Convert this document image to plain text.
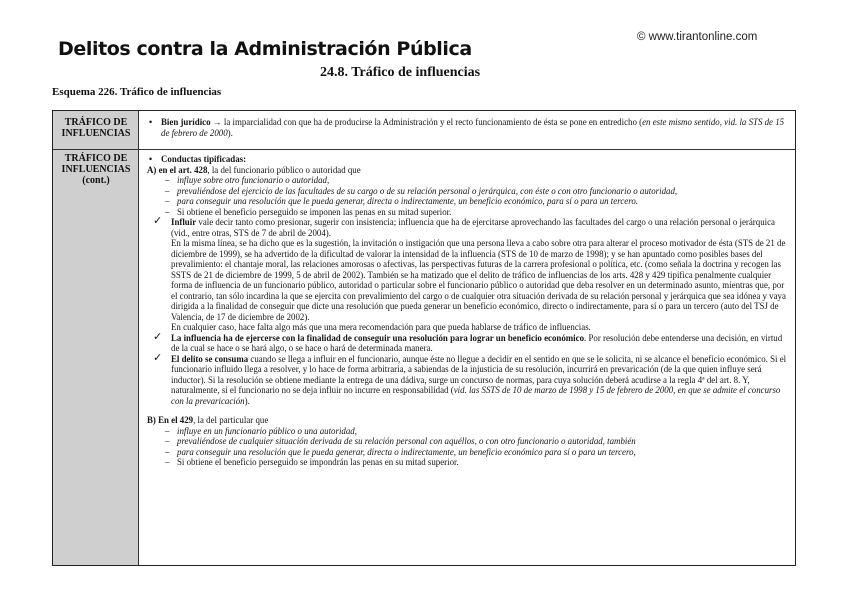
© www.tirantonline.com
Delitos contra la Administración Pública
24.8. Tráfico de influencias
Esquema 226. Tráfico de influencias
TRÁFICO DE
INFLUENCIAS

• Bien jurídico → la imparcialidad con que ha de producirse la Administración y el recto funcionamiento de ésta se pone en entredicho (en este mismo sentido, vid. la STS de 15 de febrero de 2000).

TRÁFICO DE
INFLUENCIAS
(cont.)

• Conductas tipificadas:

A) en el art. 428, la del funcionario público o autoridad que

– influye sobre otro funcionario o autoridad,

– prevaliéndose del ejercicio de las facultades de su cargo o de su relación personal o jerárquica, con éste o con otro funcionario o autoridad,

– para conseguir una resolución que le pueda generar, directa o indirectamente, un beneficio económico, para sí o para un tercero.

– Si obtiene el beneficio perseguido se imponen las penas en su mitad superior.

✓ Influir vale decir tanto como presionar, sugerir con insistencia; influencia que ha de ejercitarse aprovechando las facultades del cargo o una relación personal o jerárquica (vid., entre otras, STS de 7 de abril de 2004).

En la misma línea, se ha dicho que es la sugestión, la invitación o instigación que una persona lleva a cabo sobre otra para alterar el proceso motivador de ésta (STS de 21 de diciembre de 1999), se ha advertido de la dificultad de valorar la intensidad de la influencia (STS de 10 de marzo de 1998); y se han apuntado como posibles bases del prevalimiento: el chantaje moral, las relaciones amorosas o afectivas, las perspectivas futuras de la carrera profesional o política, etc. (como señala la doctrina y recogen las SSTS de 21 de diciembre de 1999, 5 de abril de 2002). También se ha matizado que el delito de tráfico de influencias de los arts. 428 y 429 tipifica penalmente cualquier forma de influencia de un funcionario público, autoridad o particular sobre el funcionario público o autoridad que deba resolver en un determinado asunto, mientras que, por el contrario, tan sólo incardina la que se ejercita con prevalimiento del cargo o de cualquier otra situación derivada de su relación personal y jerárquica que sea idónea y vaya dirigida a la finalidad de conseguir que dicte una resolución que pueda generar un beneficio económico, directo o indirectamente, para sí o para un tercero (auto del TSJ de Valencia, de 17 de diciembre de 2002).

En cualquier caso, hace falta algo más que una mera recomendación para que pueda hablarse de tráfico de influencias.

✓ La influencia ha de ejercerse con la finalidad de conseguir una resolución para lograr un beneficio económico. Por resolución debe entenderse una decisión, en virtud de la cual se hace o se hará algo, o se hace o hará de determinada manera.

✓ El delito se consuma cuando se llega a influir en el funcionario, aunque éste no llegue a decidir en el sentido en que se le solicita, ni se alcance el beneficio económico. Si el funcionario influido llega a resolver, y lo hace de forma arbitraria, a sabiendas de la injusticia de su resolución, incurrirá en prevaricación (de la que quien influye será inductor). Si la resolución se obtiene mediante la entrega de una dádiva, surge un concurso de normas, para cuya solución deberá acudirse a la regla 4ª del art. 8. Y, naturalmente, si el funcionario no se deja influir no incurre en responsabilidad (vid. las SSTS de 10 de marzo de 1998 y 15 de febrero de 2000, en que se admite el concurso con la prevaricación).

B) En el 429, la del particular que

– influye en un funcionario público o una autoridad,

– prevaliéndose de cualquier situación derivada de su relación personal con aquéllos, o con otro funcionario o autoridad, también

– para conseguir una resolución que le pueda generar, directa o indirectamente, un beneficio económico para sí o para un tercero,

– Si obtiene el beneficio perseguido se impondrán las penas en su mitad superior.
